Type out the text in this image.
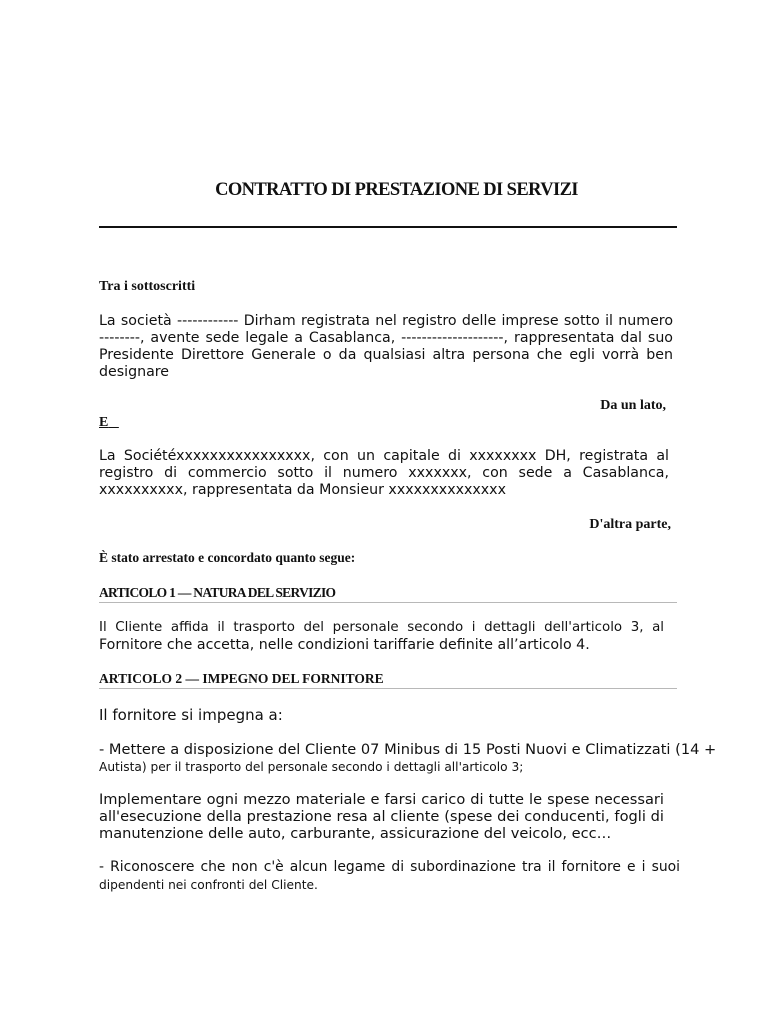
CONTRATTO DI PRESTAZIONE DI SERVIZI
Tra i sottoscritti
La società ------------ Dirham registrata nel registro delle imprese sotto il numero --------, avente sede legale a Casablanca, --------------------, rappresentata dal suo Presidente Direttore Generale o da qualsiasi altra persona che egli vorrà ben designare
Da un lato,
E
La Sociétéxxxxxxxxxxxxxxxx, con un capitale di xxxxxxxx DH, registrata al registro di commercio sotto il numero xxxxxxx, con sede a Casablanca, xxxxxxxxxx, rappresentata da Monsieur xxxxxxxxxxxxxx
D'altra parte,
È stato arrestato e concordato quanto segue:
ARTICOLO 1 — NATURA DEL SERVIZIO
Il Cliente affida il trasporto del personale secondo i dettagli dell'articolo 3, al
Fornitore che accetta, nelle condizioni tariffarie definite all’articolo 4.
ARTICOLO 2 — IMPEGNO DEL FORNITORE
Il fornitore si impegna a:
- Mettere a disposizione del Cliente 07 Minibus di 15 Posti Nuovi e Climatizzati (14 +
Autista) per il trasporto del personale secondo i dettagli all'articolo 3;
Implementare ogni mezzo materiale e farsi carico di tutte le spese necessari all'esecuzione della prestazione resa al cliente (spese dei conducenti, fogli di manutenzione delle auto, carburante, assicurazione del veicolo, ecc…
- Riconoscere che non c'è alcun legame di subordinazione tra il fornitore e i suoi
dipendenti nei confronti del Cliente.
